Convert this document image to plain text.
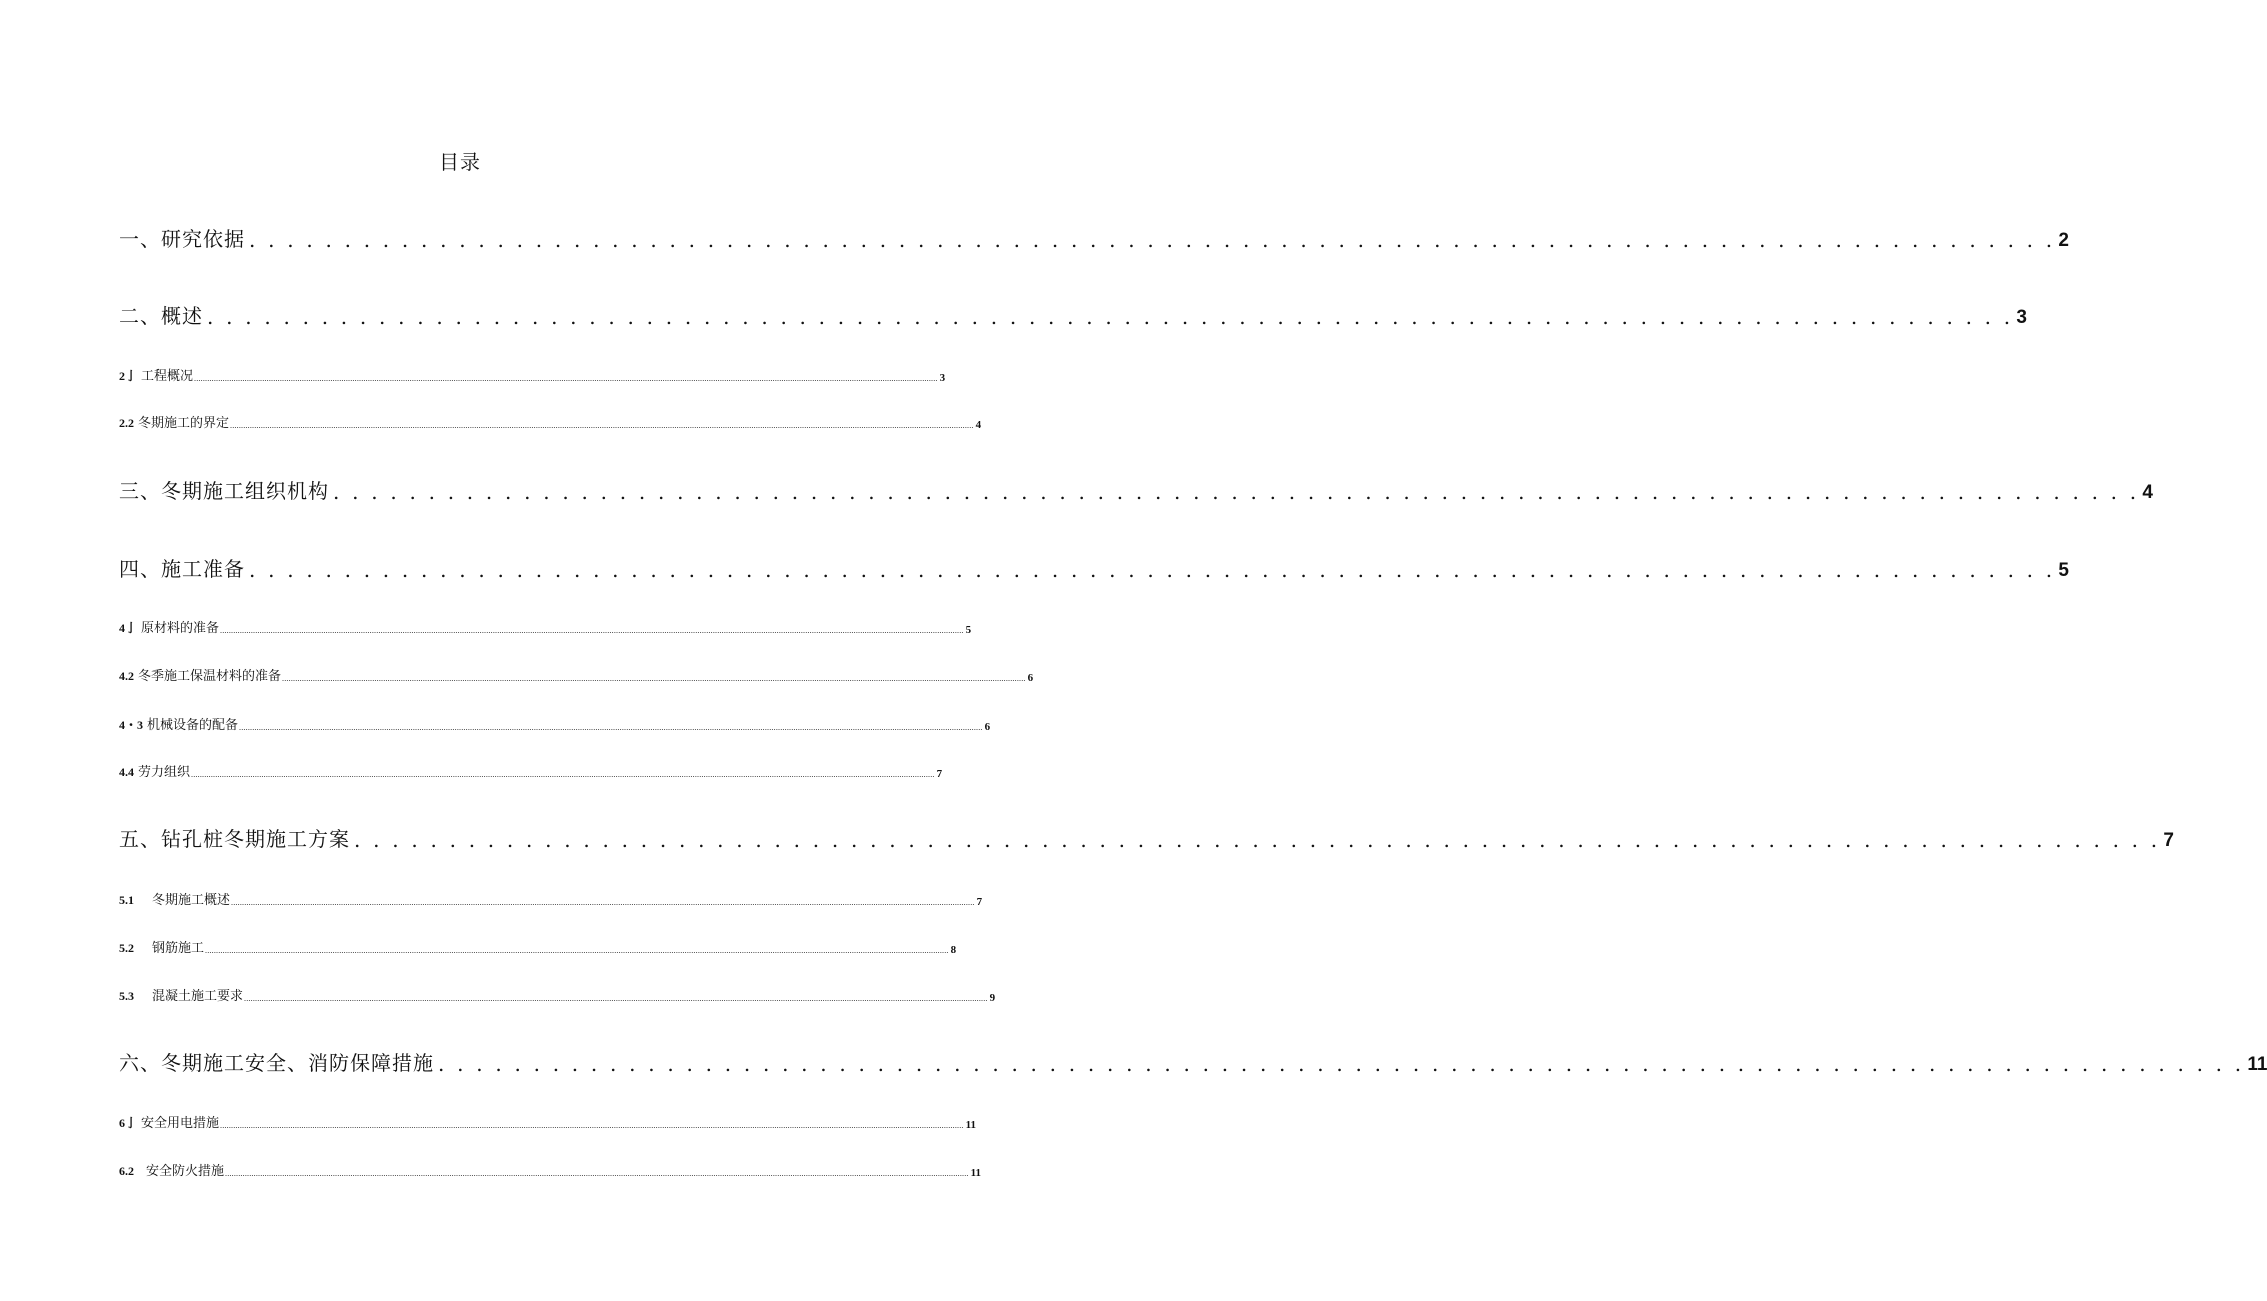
目录
一、研究依据 . . . . . . . . . . . . . . . . . . . . . . . . . . . . . . . . . . . . . . . . . . . . . . . . . . . . . . . . . . . . . . . . . . . . . . . . . . . . . . . . . . . . . . . . . . . . . . . 2
二、概述 . . . . . . . . . . . . . . . . . . . . . . . . . . . . . . . . . . . . . . . . . . . . . . . . . . . . . . . . . . . . . . . . . . . . . . . . . . . . . . . . . . . . . . . . . . . . . . . 3
2亅 工程概况 .................................................................................................................................................................................................................................................................................................................................................. 3
2.2 冬期施工的界定 .................................................................................................................................................................................................................................................................................................................................................. 4
三、冬期施工组织机构 . . . . . . . . . . . . . . . . . . . . . . . . . . . . . . . . . . . . . . . . . . . . . . . . . . . . . . . . . . . . . . . . . . . . . . . . . . . . . . . . . . . . . . . . . . . . . . . 4
四、施工准备 . . . . . . . . . . . . . . . . . . . . . . . . . . . . . . . . . . . . . . . . . . . . . . . . . . . . . . . . . . . . . . . . . . . . . . . . . . . . . . . . . . . . . . . . . . . . . . . 5
4亅 原材料的准备 .................................................................................................................................................................................................................................................................................................................................................. 5
4.2 冬季施工保温材料的准备 .................................................................................................................................................................................................................................................................................................................................................. 6
4・3 机械设备的配备 .................................................................................................................................................................................................................................................................................................................................................. 6
4.4 劳力组织 .................................................................................................................................................................................................................................................................................................................................................. 7
五、钻孔桩冬期施工方案 . . . . . . . . . . . . . . . . . . . . . . . . . . . . . . . . . . . . . . . . . . . . . . . . . . . . . . . . . . . . . . . . . . . . . . . . . . . . . . . . . . . . . . . . . . . . . . . 7
5.1 冬期施工概述 .................................................................................................................................................................................................................................................................................................................................................. 7
5.2 钢筋施工 .................................................................................................................................................................................................................................................................................................................................................. 8
5.3 混凝土施工要求 .................................................................................................................................................................................................................................................................................................................................................. 9
六、冬期施工安全、消防保障措施 . . . . . . . . . . . . . . . . . . . . . . . . . . . . . . . . . . . . . . . . . . . . . . . . . . . . . . . . . . . . . . . . . . . . . . . . . . . . . . . . . . . . . . . . . . . . . . . 11
6亅 安全用电措施 .................................................................................................................................................................................................................................................................................................................................................. 11
6.2 安全防火措施 .................................................................................................................................................................................................................................................................................................................................................. 11
